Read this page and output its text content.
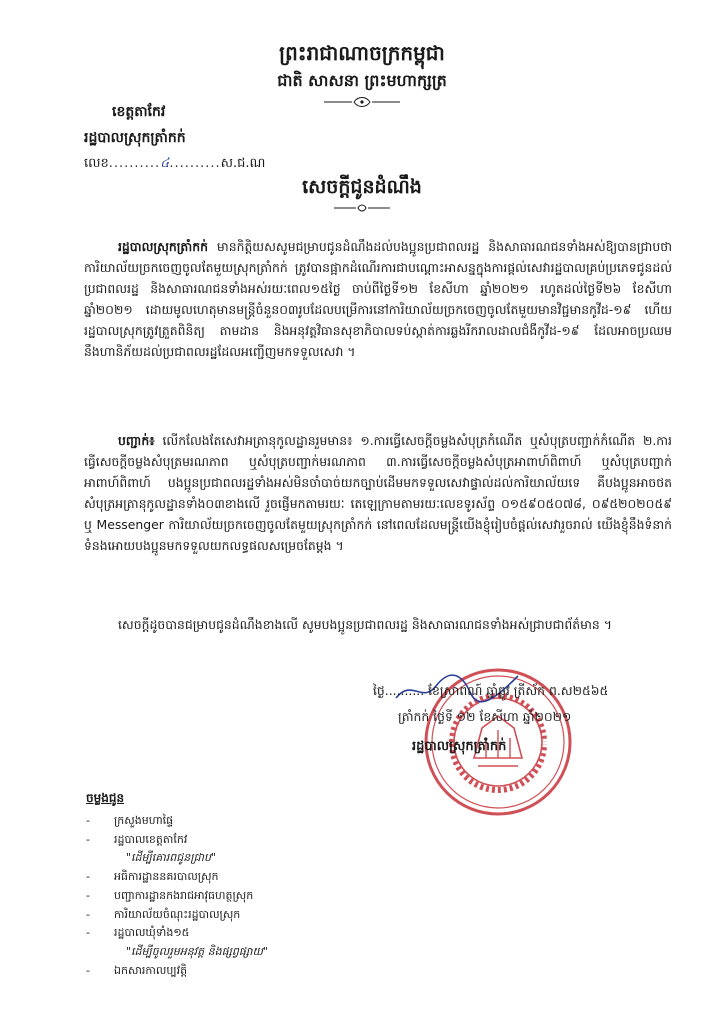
ព្រះរាជាណាចក្រកម្ពុជា
ជាតិ សាសនា ព្រះមហាក្សត្រ
ខេត្តតាកែវ
រដ្ឋបាលស្រុកត្រាំកក់
លេខ..........៤..........ស.ជ.ណ
សេចក្តីជូនដំណឹង
រដ្ឋបាលស្រុកត្រាំកក់ មានកិត្តិយសសូមជម្រាបជូនដំណឹងដល់បងប្អូនប្រជាពលរដ្ឋ និងសាធារណជនទាំងអស់ឱ្យបានជ្រាបថា ការិយាល័យច្រកចេញចូលតែមួយស្រុកត្រាំកក់ ត្រូវបានផ្អាកដំណើរការជាបណ្តោះអាសន្នក្នុងការផ្តល់សេវារដ្ឋបាលគ្រប់ប្រភេទជូនដល់ប្រជាពលរដ្ឋ និងសាធារណជនទាំងអស់រយៈពេល១៥ថ្ងៃ ចាប់ពីថ្ងៃទី១២ ខែសីហា ឆ្នាំ២០២១ រហូតដល់ថ្ងៃទី២៦ ខែសីហា ឆ្នាំ២០២១ ដោយមូលហេតុមានមន្រ្តីចំនួន០៣រូបដែលបម្រើការនៅការិយាល័យច្រកចេញចូលតែមួយមានវិជ្ជមានកូវីដ-១៩ ហើយរដ្ឋបាលស្រុកត្រូវត្រួតពិនិត្យ តាមដាន និងអនុវត្តវិធានសុខាភិបាលទប់ស្កាត់ការឆ្លងរីករាលដាលជំងឺកូវីដ-១៩ ដែលអាចប្រឈមនឹងហានិភ័យដល់ប្រជាពលរដ្ឋដែលអញ្ជើញមកទទួលសេវា ។
បញ្ជាក់៖ លើកលែងតែសេវាអត្រានុកូលដ្ឋានរួមមាន៖ ១.ការធ្វើសេចក្តីចម្លងសំបុត្រកំណើត ឬសំបុត្របញ្ជាក់កំណើត ២.ការធ្វើសេចក្តីចម្លងសំបុត្រមរណភាព ឬសំបុត្របញ្ជាក់មរណភាព ៣.ការធ្វើសេចក្តីចម្លងសំបុត្រអាពាហ៍ពិពាហ៍ ឬសំបុត្របញ្ជាក់អាពាហ៍ពិពាហ៍ បងប្អូនប្រជាពលរដ្ឋទាំងអស់មិនចាំបាច់យកច្បាប់ដើមមកទទួលសេវាផ្ទាល់ដល់ការិយាល័យទេ គឺបងប្អូនអាចថតសំបុត្រអត្រានុកូលដ្ឋានទាំង០៣ខាងលើ រួចផ្ញើមកតាមរយៈ តេឡេក្រាមតាមរយៈលេខទូរស័ព្ទ ០១៥៩០៥០៧៨, ០៩៥២០២០៥៩ ឬ Messenger ការិយាល័យច្រកចេញចូលតែមួយស្រុកត្រាំកក់ នៅពេលដែលមន្រ្តីយើងខ្ញុំរៀបចំផ្តល់សេវារួចរាល់ យើងខ្ញុំនឹងទំនាក់ទំនងអោយបងប្អូនមកទទួលយកលទ្ធផលសម្រេចតែម្តង ។
សេចក្តីដូចបានជម្រាបជូនដំណឹងខាងលើ សូមបងប្អូនប្រជាពលរដ្ឋ និងសាធារណជនទាំងអស់ជ្រាបជាព័ត៌មាន ។
ថ្ងៃ.......... ខែស្រាពណ៍ ឆ្នាំឆ្លូវ ត្រីស័ក ព.ស២៥៦៥
ត្រាំកក់ ថ្ងៃទី ១២ ខែសីហា ឆ្នាំ២០២១
រដ្ឋបាលស្រុកត្រាំកក់
ចម្លងជូន
-	ក្រសួងមហាផ្ទៃ
-	រដ្ឋបាលខេត្តតាកែវ
"ដើម្បីគោរពជូនជ្រាប"
-	អធិការដ្ឋាននគរបាលស្រុក
-	បញ្ជាការដ្ឋានកងរាជអាវុធហត្ថស្រុក
-	ការិយាល័យចំណុះរដ្ឋបាលស្រុក
-	រដ្ឋបាលឃុំទាំង១៥
"ដើម្បីចូលរួមអនុវត្ត និងផ្សព្វផ្សាយ"
-	ឯកសារកាលប្បវត្តិ
